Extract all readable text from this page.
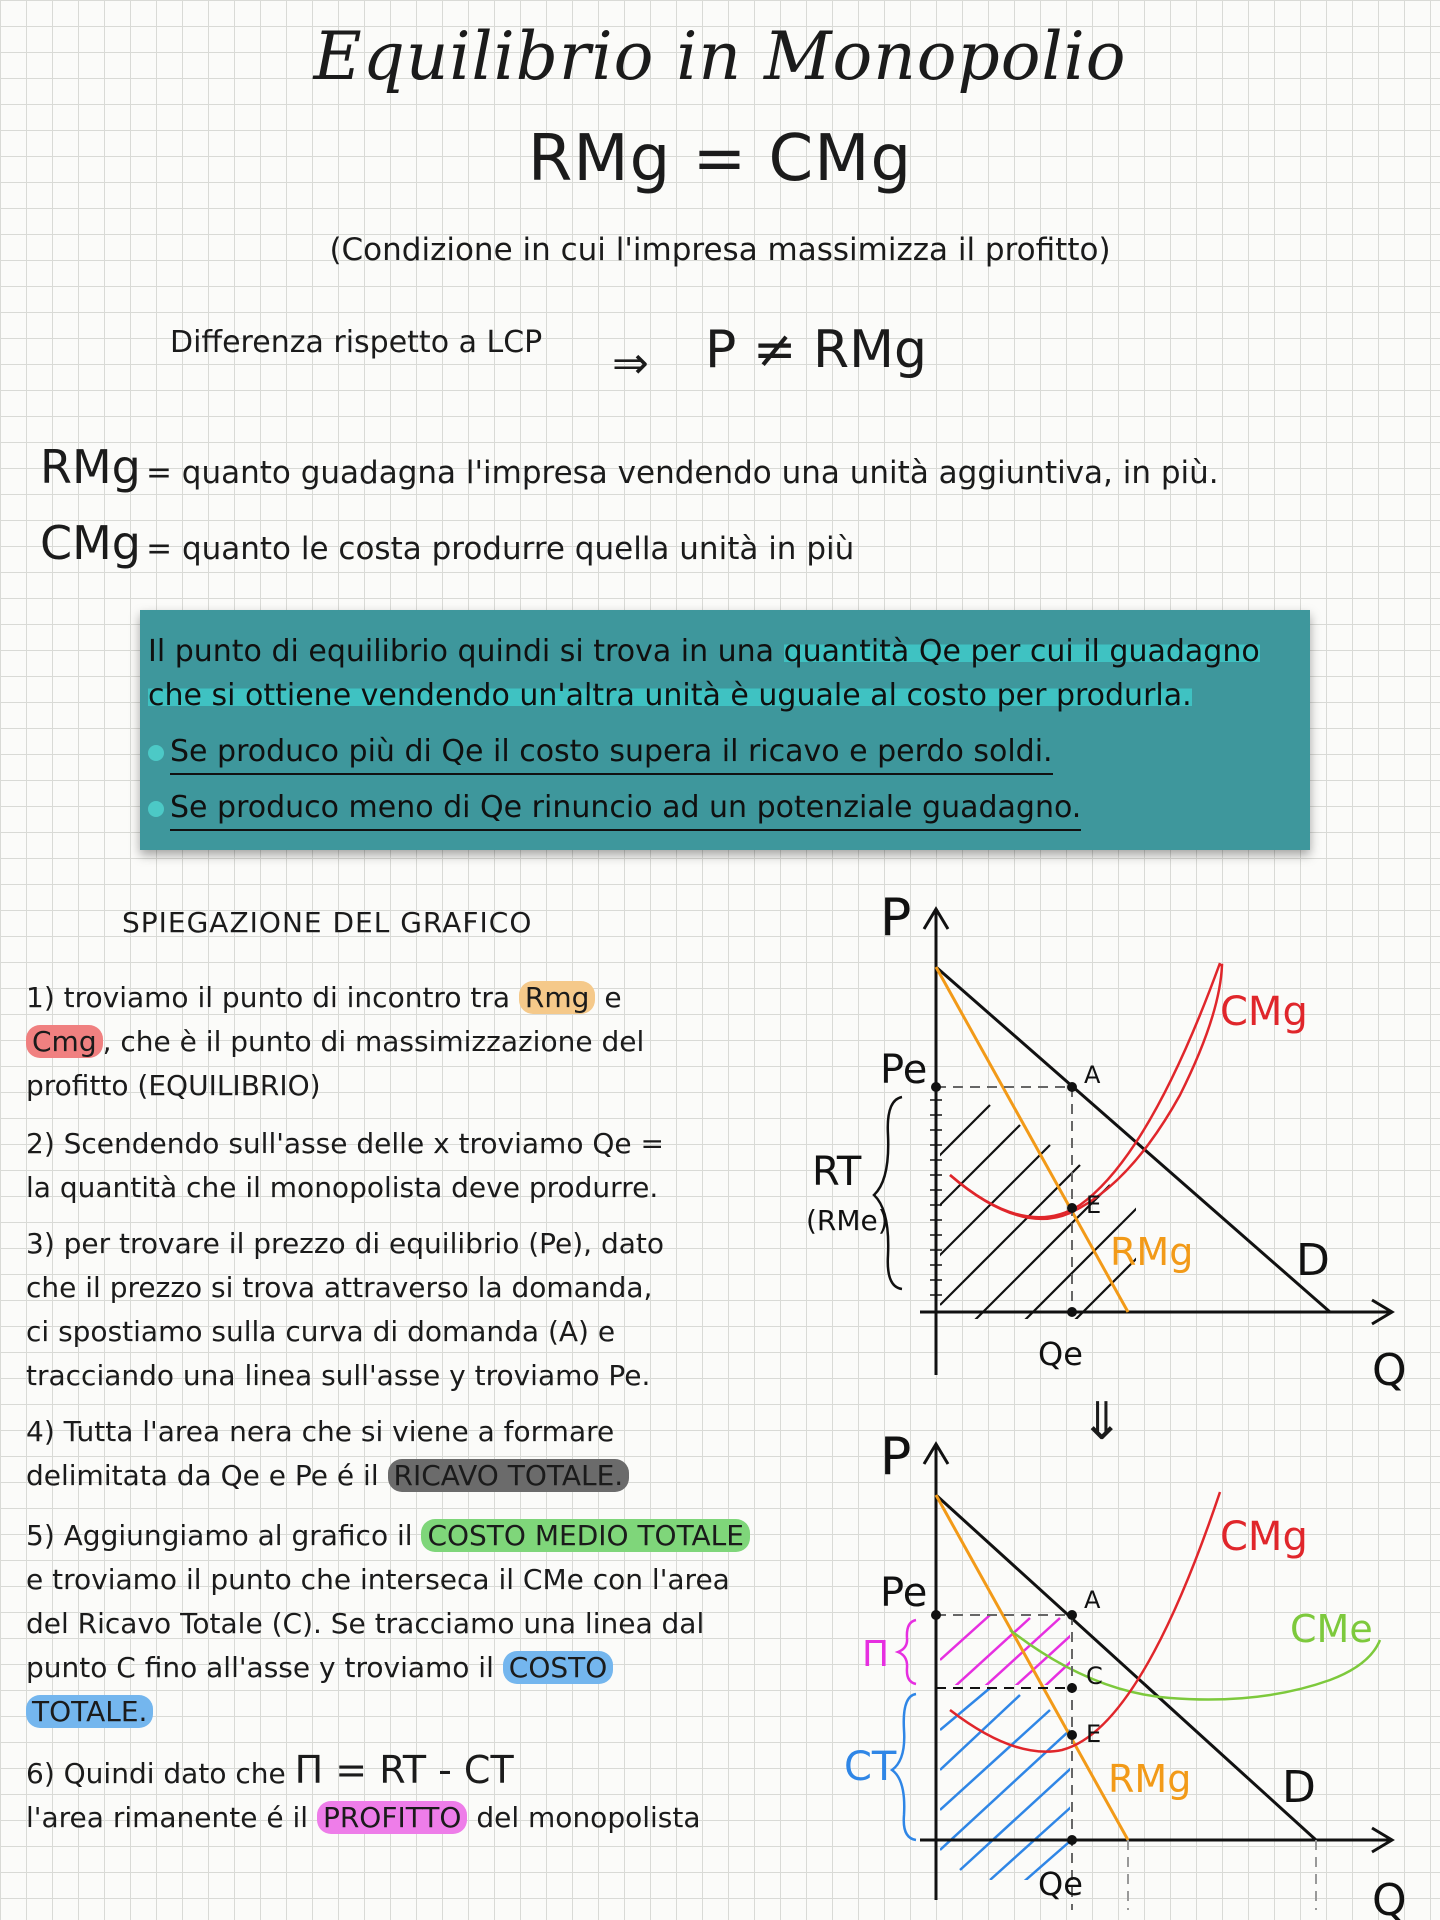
Equilibrio in Monopolio
RMg = CMg
(Condizione in cui l'impresa massimizza il profitto)
Differenza rispetto a LCP ⇒ P ≠ RMg
RMg = quanto guadagna l'impresa vendendo una unità aggiuntiva, in più.
CMg = quanto le costa produrre quella unità in più
Il punto di equilibrio quindi si trova in una quantità Qe per cui il guadagno
che si ottiene vendendo un'altra unità è uguale al costo per produrla.
Se produco più di Qe il costo supera il ricavo e perdo soldi.
Se produco meno di Qe rinuncio ad un potenziale guadagno.
SPIEGAZIONE DEL GRAFICO
1) troviamo il punto di incontro tra Rmg e
Cmg , che è il punto di massimizzazione del
profitto (EQUILIBRIO)
2) Scendendo sull'asse delle x troviamo Qe =
la quantità che il monopolista deve produrre.
3) per trovare il prezzo di equilibrio (Pe), dato
che il prezzo si trova attraverso la domanda,
ci spostiamo sulla curva di domanda (A) e
tracciando una linea sull'asse y troviamo Pe.
4) Tutta l'area nera che si viene a formare
delimitata da Qe e Pe é il RICAVO TOTALE.
5) Aggiungiamo al grafico il COSTO MEDIO TOTALE
e troviamo il punto che interseca il CMe con l'area
del Ricavo Totale (C). Se tracciamo una linea dal
punto C fino all'asse y troviamo il COSTO
TOTALE.
6) Quindi dato che Π = RT - CT
l'area rimanente é il PROFITTO del monopolista
P
Q
Pe
Qe
A
E
CMg
RMg D
RT
(RMe)
⇓
P
Q
Pe
Qe
A
C
E
CMg
CMe
RMg D
Π
CT
